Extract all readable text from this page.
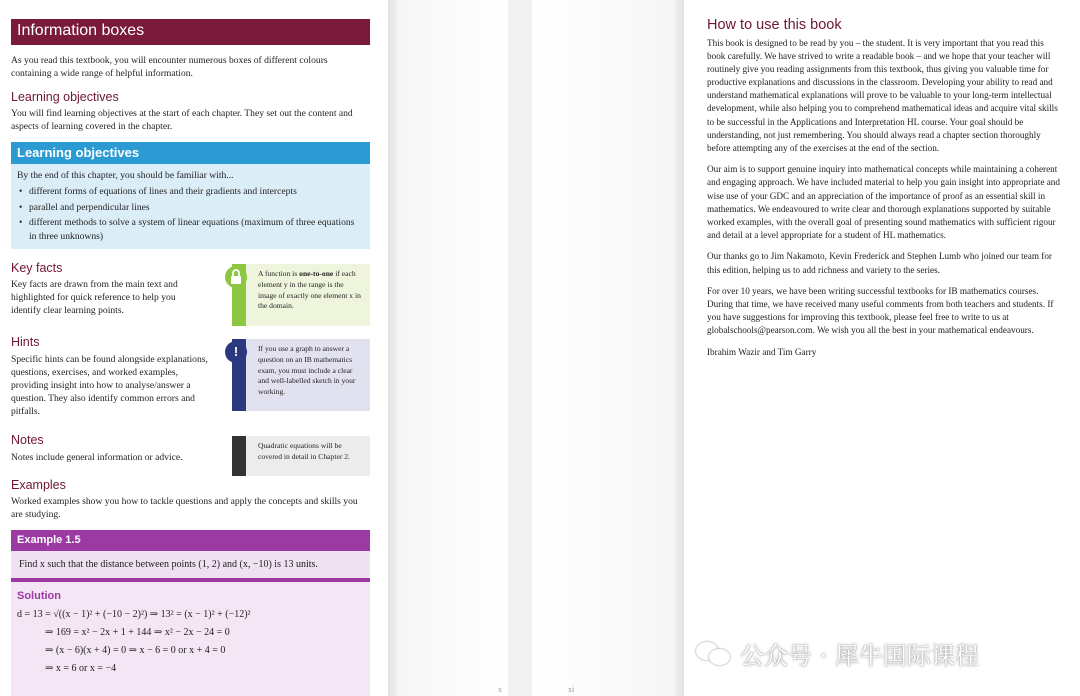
Information boxes
As you read this textbook, you will encounter numerous boxes of different colours containing a wide range of helpful information.
Learning objectives
You will find learning objectives at the start of each chapter. They set out the content and aspects of learning covered in the chapter.
Learning objectives
By the end of this chapter, you should be familiar with...
• different forms of equations of lines and their gradients and intercepts
• parallel and perpendicular lines
• different methods to solve a system of linear equations (maximum of three equations in three unknowns)
Key facts
Key facts are drawn from the main text and highlighted for quick reference to help you identify clear learning points.
A function is one-to-one if each element y in the range is the image of exactly one element x in the domain.
Hints
Specific hints can be found alongside explanations, questions, exercises, and worked examples, providing insight into how to analyse/answer a question. They also identify common errors and pitfalls.
!	If you use a graph to answer a question on an IB mathematics exam, you must include a clear and well-labelled sketch in your working.
Notes
Notes include general information or advice.
Quadratic equations will be covered in detail in Chapter 2.
Examples
Worked examples show you how to tackle questions and apply the concepts and skills you are studying.
Example 1.5
Find x such that the distance between points (1, 2) and (x, −10) is 13 units.
Solution
d = 13 = √((x − 1)² + (−10 − 2)²) ⇒ 13² = (x − 1)² + (−12)²
⇒ 169 = x² − 2x + 1 + 144 ⇒ x² − 2x − 24 = 0
⇒ (x − 6)(x + 4) = 0 ⇒ x − 6 = 0 or x + 4 = 0
⇒ x = 6 or x = −4
x	xi
How to use this book

This book is designed to be read by you – the student. It is very important that you read this book carefully. We have strived to write a readable book – and we hope that your teacher will routinely give you reading assignments from this textbook, thus giving you valuable time for productive explanations and discussions in the classroom. Developing your ability to read and understand mathematical explanations will prove to be valuable to your long-term intellectual development, while also helping you to comprehend mathematical ideas and acquire vital skills to be successful in the Applications and Interpretation HL course. Your goal should be understanding, not just remembering. You should always read a chapter section thoroughly before attempting any of the exercises at the end of the section.

Our aim is to support genuine inquiry into mathematical concepts while maintaining a coherent and engaging approach. We have included material to help you gain insight into appropriate and wise use of your GDC and an appreciation of the importance of proof as an essential skill in mathematics. We endeavoured to write clear and thorough explanations supported by suitable worked examples, with the overall goal of presenting sound mathematics with sufficient rigour and detail at a level appropriate for a student of HL mathematics.

Our thanks go to Jim Nakamoto, Kevin Frederick and Stephen Lumb who joined our team for this edition, helping us to add richness and variety to the series.

For over 10 years, we have been writing successful textbooks for IB mathematics courses. During that time, we have received many useful comments from both teachers and students. If you have suggestions for improving this textbook, please feel free to write to us at globalschools@pearson.com. We wish you all the best in your mathematical endeavours.

Ibrahim Wazir and Tim Garry

公众号 · 犀牛国际课程
